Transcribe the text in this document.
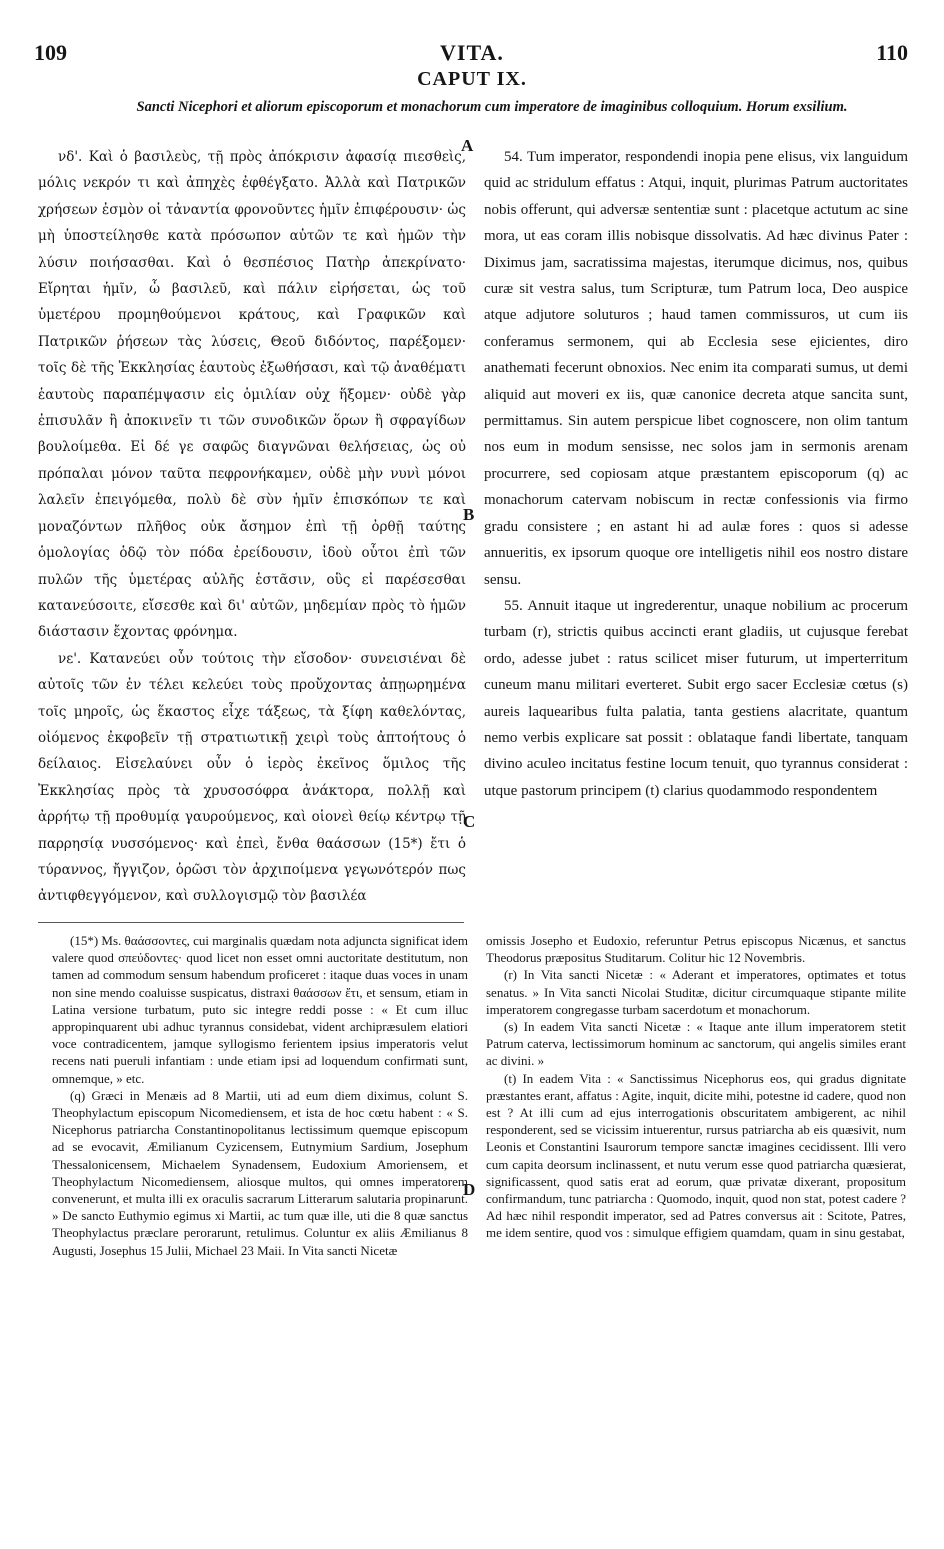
109	VITA.	110
CAPUT IX.
Sancti Nicephori et aliorum episcoporum et monachorum cum imperatore de imaginibus colloquium. Horum exsilium.

νδ'. Καὶ ὁ βασιλεὺς, τῇ πρὸς ἀπόκρισιν ἀφασίᾳ πιεσθεὶς, μόλις νεκρόν τι καὶ ἀπηχὲς ἐφθέγξατο. Ἀλλὰ καὶ Πατρικῶν χρήσεων ἐσμὸν οἱ τἀναντία φρονοῦντες ἡμῖν ἐπιφέρουσιν· ὡς μὴ ὑποστείλησθε κατὰ πρόσωπον αὐτῶν τε καὶ ἡμῶν τὴν λύσιν ποιήσασθαι. Καὶ ὁ θεσπέσιος Πατὴρ ἀπεκρίνατο· Εἴρηται ἡμῖν, ὦ βασιλεῦ, καὶ πάλιν εἰρήσεται, ὡς τοῦ ὑμετέρου προμηθούμενοι κράτους, καὶ Γραφικῶν καὶ Πατρικῶν ῥήσεων τὰς λύσεις, Θεοῦ διδόντος, παρέξομεν· τοῖς δὲ τῆς Ἐκκλησίας ἑαυτοὺς ἐξωθήσασι, καὶ τῷ ἀναθέματι ἑαυτοὺς παραπέμψασιν εἰς ὁμιλίαν οὐχ ἥξομεν· οὐδὲ γὰρ ἐπισυλᾶν ἢ ἀποκινεῖν τι τῶν συνοδικῶν ὅρων ἢ σφραγίδων βουλοίμεθα. Εἰ δέ γε σαφῶς διαγνῶναι θελήσειας, ὡς οὐ πρόπαλαι μόνον ταῦτα πεφρονήκαμεν, οὐδὲ μὴν νυνὶ μόνοι λαλεῖν ἐπειγόμεθα, πολὺ δὲ σὺν ἡμῖν ἐπισκόπων τε καὶ μοναζόντων πλῆθος οὐκ ἄσημον ἐπὶ τῇ ὀρθῇ ταύτης ὁμολογίας ὁδῷ τὸν πόδα ἐρείδουσιν, ἰδοὺ οὗτοι ἐπὶ τῶν πυλῶν τῆς ὑμετέρας αὐλῆς ἑστᾶσιν, οὓς εἰ παρέσεσθαι κατανεύσοιτε, εἴσεσθε καὶ δι' αὐτῶν, μηδεμίαν πρὸς τὸ ἡμῶν διάστασιν ἔχοντας φρόνημα.

νε'. Κατανεύει οὖν τούτοις τὴν εἴσοδον· συνεισιέναι δὲ αὐτοῖς τῶν ἐν τέλει κελεύει τοὺς προὔχοντας ἀπῃωρημένα τοῖς μηροῖς, ὡς ἕκαστος εἶχε τάξεως, τὰ ξίφη καθελόντας, οἰόμενος ἐκφοβεῖν τῇ στρατιωτικῇ χειρὶ τοὺς ἀπτοήτους ὁ δείλαιος. Εἰσελαύνει οὖν ὁ ἱερὸς ἐκεῖνος ὅμιλος τῆς Ἐκκλησίας πρὸς τὰ χρυσοσόφρα ἀνάκτορα, πολλῇ καὶ ἀρρήτῳ τῇ προθυμίᾳ γαυρούμενος, καὶ οἱονεὶ θείῳ κέντρῳ τῇ παρρησίᾳ νυσσόμενος· καὶ ἐπεὶ, ἔνθα θαάσσων (15*) ἔτι ὁ τύραννος, ἤγγιζον, ὁρῶσι τὸν ἀρχιποίμενα γεγωνότερόν πως ἀντιφθεγγόμενον, καὶ συλλογισμῷ τὸν βασιλέα

54. Tum imperator, respondendi inopia pene elisus, vix languidum quid ac stridulum effatus : Atqui, inquit, plurimas Patrum auctoritates nobis offerunt, qui adversæ sententiæ sunt : placetque actutum ac sine mora, ut eas coram illis nobisque dissolvatis. Ad hæc divinus Pater : Diximus jam, sacratissima majestas, iterumque dicimus, nos, quibus curæ sit vestra salus, tum Scripturæ, tum Patrum loca, Deo auspice atque adjutore soluturos ; haud tamen commissuros, ut cum iis conferamus sermonem, qui ab Ecclesia sese ejicientes, diro anathemati fecerunt obnoxios. Nec enim ita comparati sumus, ut demi aliquid aut moveri ex iis, quæ canonice decreta atque sancita sunt, permittamus. Sin autem perspicue libet cognoscere, non olim tantum nos eum in modum sensisse, nec solos jam in sermonis arenam procurrere, sed copiosam atque præstantem episcoporum (q) ac monachorum catervam nobiscum in rectæ confessionis via firmo gradu consistere ; en astant hi ad aulæ fores : quos si adesse annueritis, ex ipsorum quoque ore intelligetis nihil eos nostro distare sensu.

55. Annuit itaque ut ingrederentur, unaque nobilium ac procerum turbam (r), strictis quibus accincti erant gladiis, ut cujusque ferebat ordo, adesse jubet : ratus scilicet miser futurum, ut imperterritum cuneum manu militari everteret. Subit ergo sacer Ecclesiæ cœtus (s) aureis laquearibus fulta palatia, tanta gestiens alacritate, quantum nemo verbis explicare sat possit : oblataque fandi libertate, tanquam divino aculeo incitatus festine locum tenuit, quo tyrannus considerat : utque pastorum principem (t) clarius quodammodo respondentem

A
B
C
D

(15*) Ms. θαάσσοντες, cui marginalis quædam nota adjuncta significat idem valere quod σπεύδοντες· quod licet non esset omni auctoritate destitutum, non tamen ad commodum sensum habendum proficeret : itaque duas voces in unam non sine mendo coaluisse suspicatus, distraxi θαάσσων ἔτι, et sensum, etiam in Latina versione turbatum, puto sic integre reddi posse : « Et cum illuc appropinquarent ubi adhuc tyrannus considebat, vident archipræsulem elatiori voce contradicentem, jamque syllogismo ferientem ipsius imperatoris velut recens nati pueruli infantiam : unde etiam ipsi ad loquendum confirmati sunt, omnemque, » etc.

(q) Græci in Menæis ad 8 Martii, uti ad eum diem diximus, colunt S. Theophylactum episcopum Nicomediensem, et ista de hoc cœtu habent : « S. Nicephorus patriarcha Constantinopolitanus lectissimum quemque episcopum ad se evocavit, Æmilianum Cyzicensem, Eutnymium Sardium, Josephum Thessalonicensem, Michaelem Synadensem, Eudoxium Amoriensem, et Theophylactum Nicomediensem, aliosque multos, qui omnes imperatorem convenerunt, et multa illi ex oraculis sacrarum Litterarum salutaria propinarunt. » De sancto Euthymio egimus xi Martii, ac tum quæ ille, uti die 8 quæ sanctus Theophylactus præclare perorarunt, retulimus. Coluntur ex aliis Æmilianus 8 Augusti, Josephus 15 Julii, Michael 23 Maii. In Vita sancti Nicetæ

omissis Josepho et Eudoxio, referuntur Petrus episcopus Nicænus, et sanctus Theodorus præpositus Studitarum. Colitur hic 12 Novembris.

(r) In Vita sancti Nicetæ : « Aderant et imperatores, optimates et totus senatus. » In Vita sancti Nicolai Studitæ, dicitur circumquaque stipante milite imperatorem congregasse turbam sacerdotum et monachorum.

(s) In eadem Vita sancti Nicetæ : « Itaque ante illum imperatorem stetit Patrum caterva, lectissimorum hominum ac sanctorum, qui angelis similes erant ac divini. »

(t) In eadem Vita : « Sanctissimus Nicephorus eos, qui gradus dignitate præstantes erant, affatus : Agite, inquit, dicite mihi, potestne id cadere, quod non est ? At illi cum ad ejus interrogationis obscuritatem ambigerent, ac nihil responderent, sed se vicissim intuerentur, rursus patriarcha ab eis quæsivit, num Leonis et Constantini Isaurorum tempore sanctæ imagines cecidissent. Illi vero cum capita deorsum inclinassent, et nutu verum esse quod patriarcha quæsierat, significassent, quod satis erat ad eorum, quæ privatæ dixerant, propositum confirmandum, tunc patriarcha : Quomodo, inquit, quod non stat, potest cadere ? Ad hæc nihil respondit imperator, sed ad Patres conversus ait : Scitote, Patres, me idem sentire, quod vos : simulque effigiem quamdam, quam in sinu gestabat,
